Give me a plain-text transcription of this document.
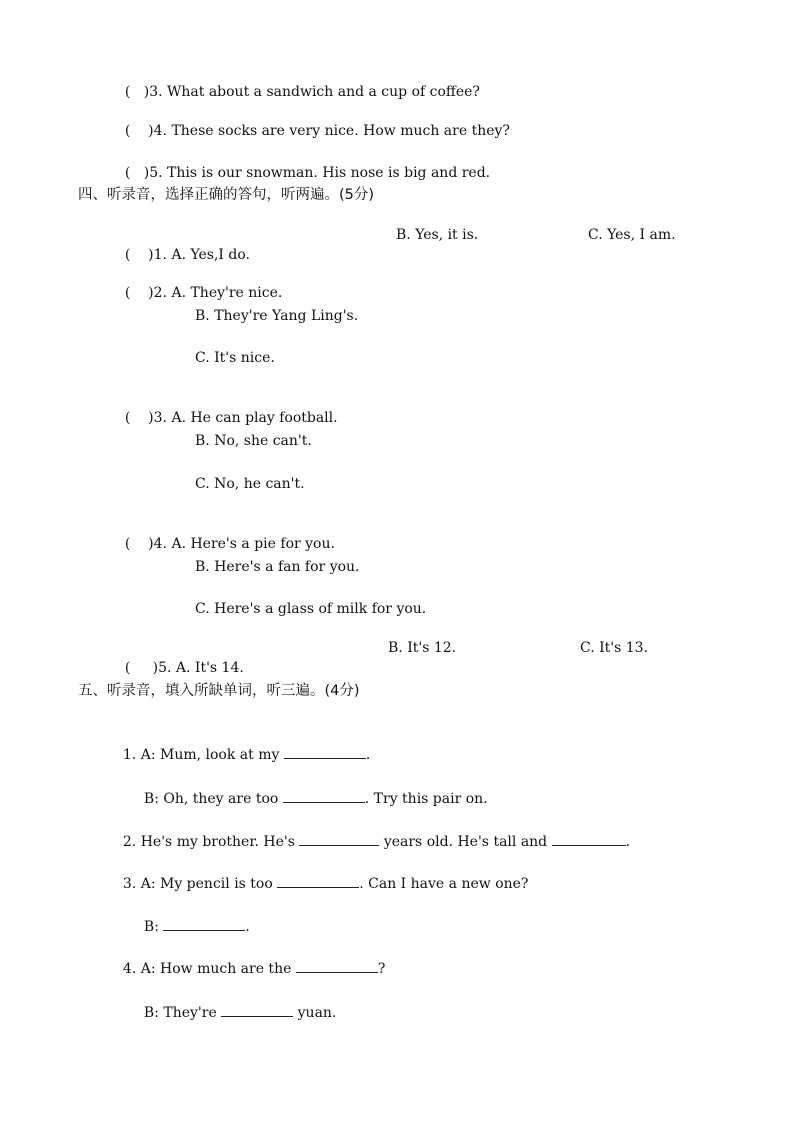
(   )3. What about a sandwich and a cup of coffee?

(    )4. These socks are very nice. How much are they?

(   )5. This is our snowman. His nose is big and red.

四、听录音，选择正确的答句，听两遍。(5分)

(    )1. A. Yes,I do.

B. Yes, it is.	C. Yes, I am.

(    )2. A. They're nice.

B. They're Yang Ling's.
C. It's nice.

(    )3. A. He can play football.

B. No, she can't.
C. No, he can't.

(    )4. A. Here's a pie for you.

B. Here's a fan for you.
C. Here's a glass of milk for you.

(     )5. A. It's 14.

B. It's 12.	C. It's 13.
五、听录音，填入所缺单词，听三遍。(4分)

1. A: Mum, look at my	.

B: Oh, they are too	. Try this pair on.

2. He's my brother. He's	years old. He's tall and	.

3. A: My pencil is too	. Can I have a new one?

B:	.

4. A: How much are the	?

B: They're	yuan.
